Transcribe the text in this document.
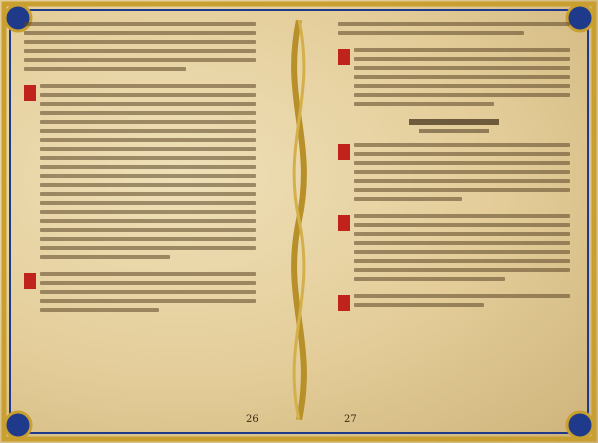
26	27
